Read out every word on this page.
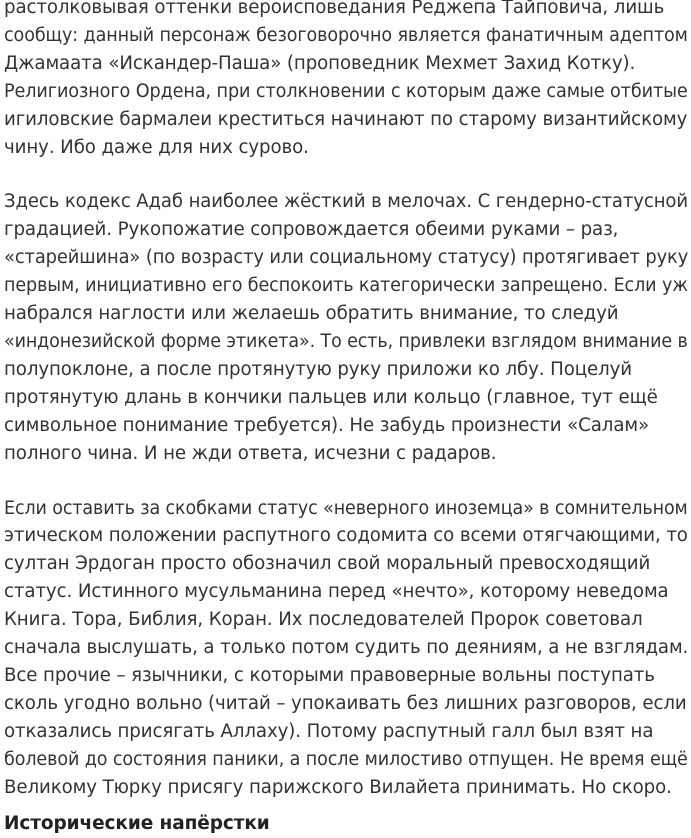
растолковывая оттенки вероисповедания Реджепа Тайповича, лишь
сообщу: данный персонаж безоговорочно является фанатичным адептом
Джамаата «Искандер-Паша» (проповедник Мехмет Захид Котку).
Религиозного Ордена, при столкновении с которым даже самые отбитые
игиловские бармалеи креститься начинают по старому византийскому
чину. Ибо даже для них сурово.

Здесь кодекс Адаб наиболее жёсткий в мелочах. С гендерно-статусной
градацией. Рукопожатие сопровождается обеими руками – раз,
«старейшина» (по возрасту или социальному статусу) протягивает руку
первым, инициативно его беспокоить категорически запрещено. Если уж
набрался наглости или желаешь обратить внимание, то следуй
«индонезийской форме этикета». То есть, привлеки взглядом внимание в
полупоклоне, а после протянутую руку приложи ко лбу. Поцелуй
протянутую длань в кончики пальцев или кольцо (главное, тут ещё
символьное понимание требуется). Не забудь произнести «Салам»
полного чина. И не жди ответа, исчезни с радаров.

Если оставить за скобками статус «неверного иноземца» в сомнительном
этическом положении распутного содомита со всеми отягчающими, то
султан Эрдоган просто обозначил свой моральный превосходящий
статус. Истинного мусульманина перед «нечто», которому неведома
Книга. Тора, Библия, Коран. Их последователей Пророк советовал
сначала выслушать, а только потом судить по деяниям, а не взглядам.
Все прочие – язычники, с которыми правоверные вольны поступать
сколь угодно вольно (читай – упокаивать без лишних разговоров, если
отказались присягать Аллаху). Потому распутный галл был взят на
болевой до состояния паники, а после милостиво отпущен. Не время ещё
Великому Тюрку присягу парижского Вилайета принимать. Но скоро.

Исторические напёрстки
